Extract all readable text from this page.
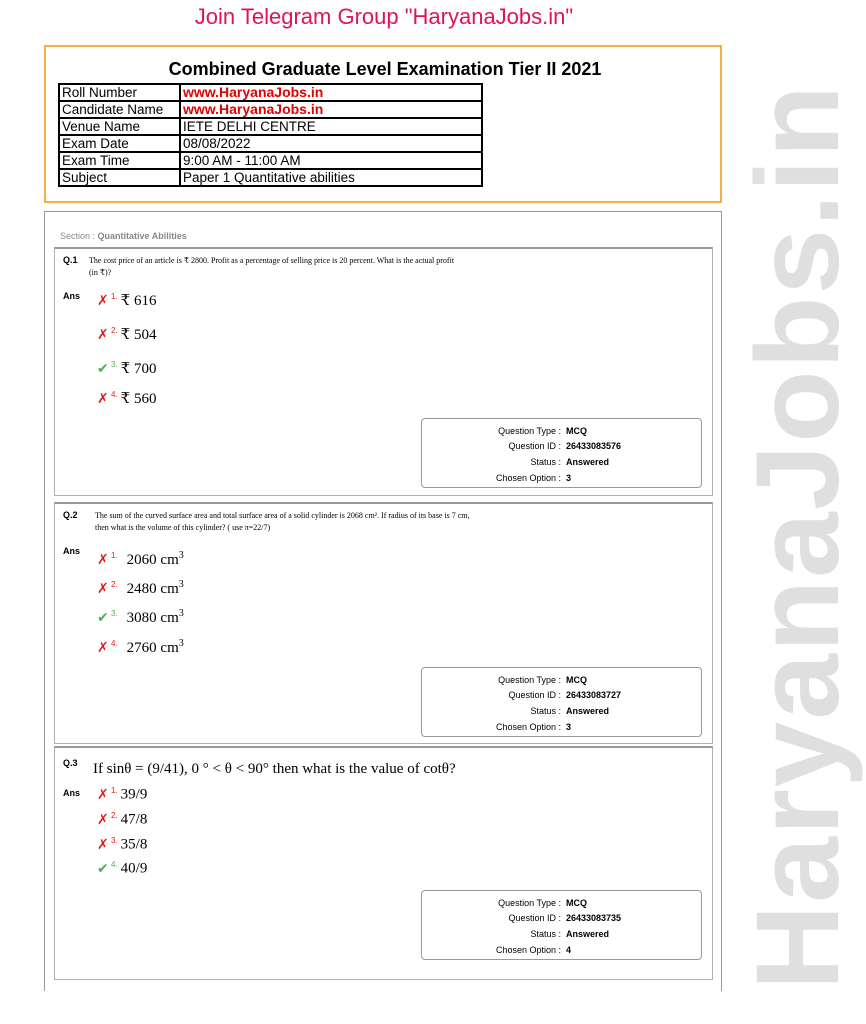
Join Telegram Group "HaryanaJobs.in"
Combined Graduate Level Examination Tier II 2021
Roll Number	www.HaryanaJobs.in
Candidate Name	www.HaryanaJobs.in
Venue Name	IETE DELHI CENTRE
Exam Date	08/08/2022
Exam Time	9:00 AM - 11:00 AM
Subject	Paper 1 Quantitative abilities
Section : Quantitative Abilities
Q.1 The cost price of an article is ₹ 2800. Profit as a percentage of selling price is 20 percent. What is the actual profit
(in ₹)?
Ans ✗ $^{1.}$ ₹ 616
✗ $^{2.}$ ₹ 504
✔ $^{3.}$ ₹ 700
✗ $^{4.}$ ₹ 560
Question Type : MCQ
Question ID : 26433083576
Status : Answered
Chosen Option : 3
Q.2 The sum of the curved surface area and total surface area of a solid cylinder is 2068 cm². If radius of its base is 7 cm,
then what is the volume of this cylinder? ( use π=22/7)
Ans ✗ $^{1.}$ 2060 $cm^3$
✗ $^{2.}$ 2480 $cm^3$
✔ $^{3.}$ 3080 $cm^3$
✗ $^{4.}$ 2760 $cm^3$
Question Type : MCQ
Question ID : 26433083727
Status : Answered
Chosen Option : 3
Q.3 If sinθ = (9/41), 0 ° < θ < 90° then what is the value of cotθ?
Ans ✗ $^{1.}$ 39/9
✗ $^{2.}$ 47/8
✗ $^{3.}$ 35/8
✔ $^{4.}$ 40/9
Question Type : MCQ
Question ID : 26433083735
Status : Answered
Chosen Option : 4 HaryanaJobs.in
